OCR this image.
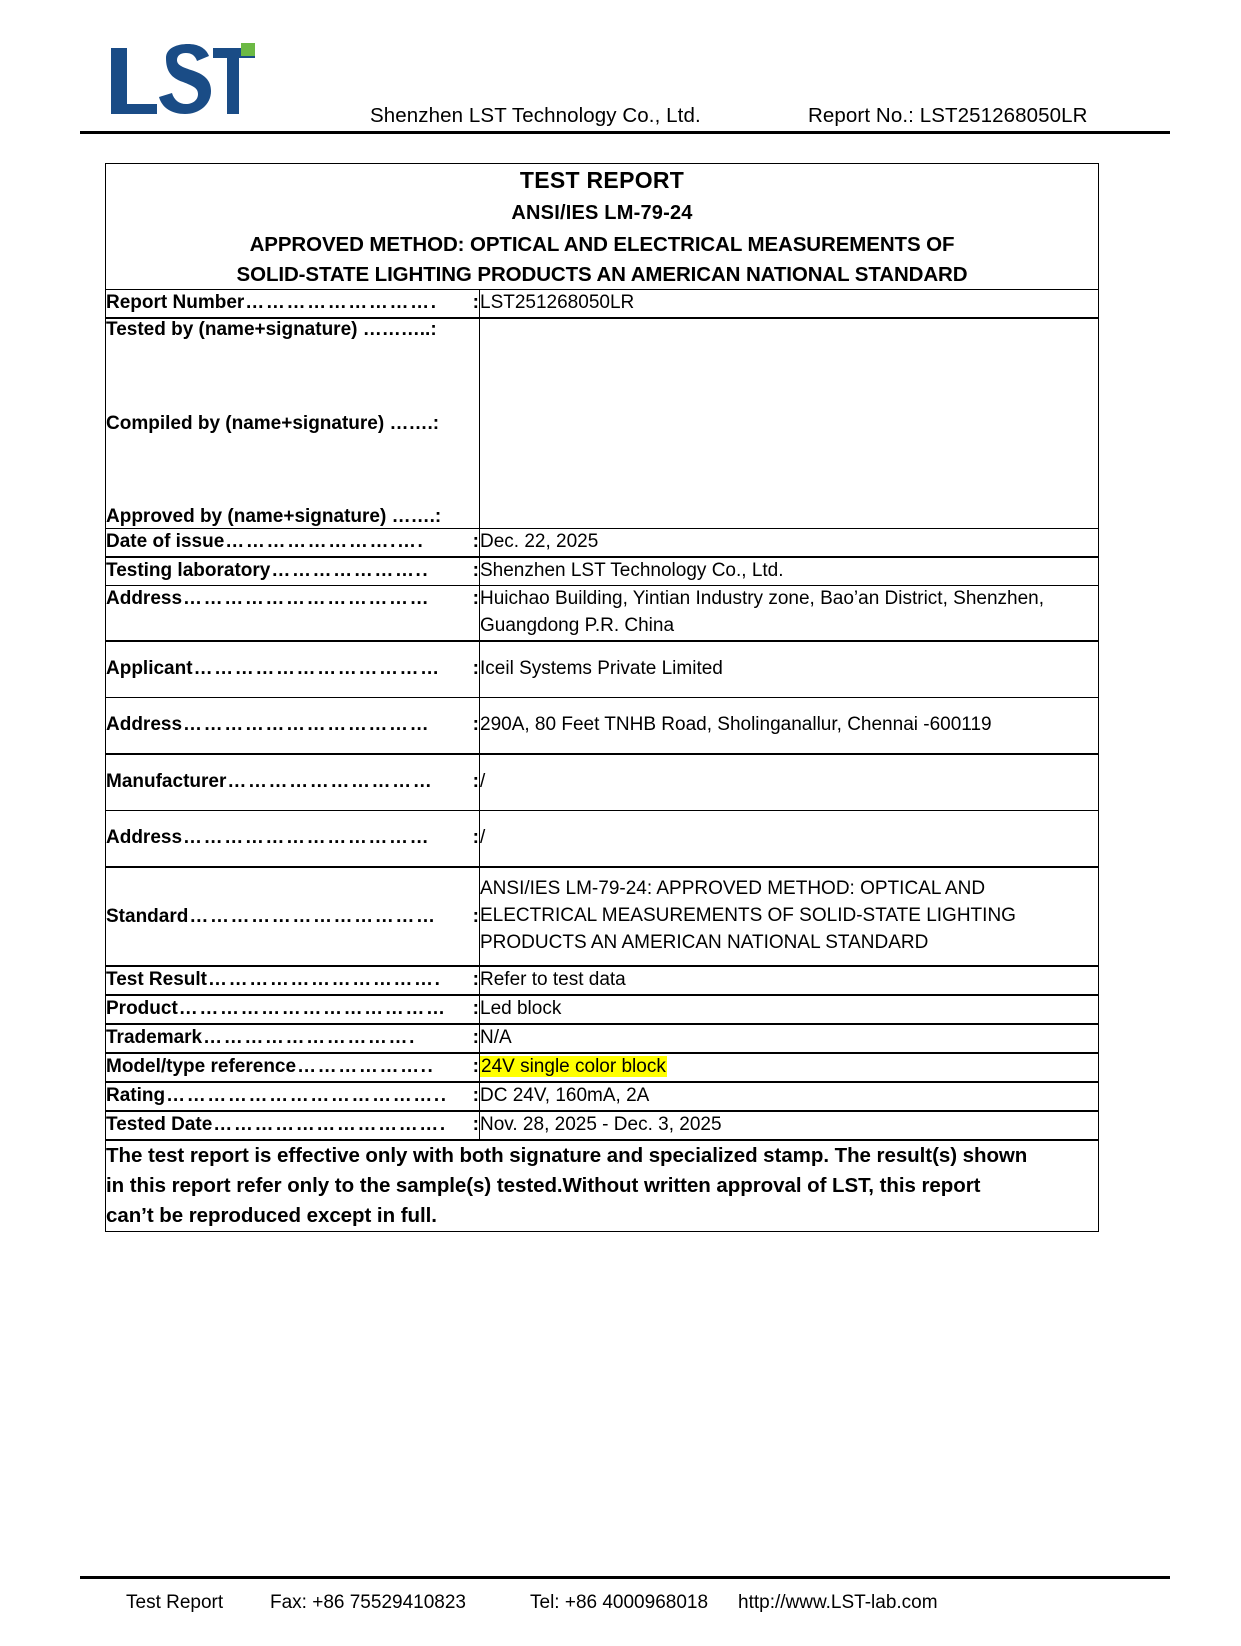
Shenzhen LST Technology Co., Ltd.	Report No.: LST251268050LR
TEST REPORT
ANSI/IES LM-79-24
APPROVED METHOD: OPTICAL AND ELECTRICAL MEASUREMENTS OF
SOLID-STATE LIGHTING PRODUCTS AN AMERICAN NATIONAL STANDARD	

Report Number ………………………. :	LST251268050LR

Tested by (name+signature) ………..:
Compiled by (name+signature) …….:
Approved by (name+signature) …….:	

Date of issue …………………….…. :	Dec. 22, 2025

Testing laboratory ………………….. :	Shenzhen LST Technology Co., Ltd.

Address ………………………………	:	Huichao Building, Yintian Industry zone, Bao’an District, Shenzhen,
Guangdong P.R. China

Applicant ……………………………… :	Iceil Systems Private Limited

Address ……………………………… :	290A, 80 Feet TNHB Road, Sholinganallur, Chennai -600119

Manufacturer ………………………… :	/

Address ……………………………… :	/

Standard ………………………………	:

ANSI/IES LM-79-24: APPROVED METHOD: OPTICAL AND
ELECTRICAL MEASUREMENTS OF SOLID-STATE LIGHTING
PRODUCTS AN AMERICAN NATIONAL STANDARD

Test Result ……………………………. :	Refer to test data

Product ………………………………… :	Led block

Trademark …………………………. :	N/A

Model/type reference ……………….. :	24V single color block

Rating ………………………………….. :	DC 24V, 160mA, 2A

Tested Date ……………………………. :	Nov. 28, 2025 - Dec. 3, 2025

The test report is effective only with both signature and specialized stamp. The result(s) shown
in this report refer only to the sample(s) tested.Without written approval of LST, this report
can’t be reproduced except in full.	
Test Report Fax: +86 75529410823	Tel: +86 4000968018 http://www.LST-lab.com
